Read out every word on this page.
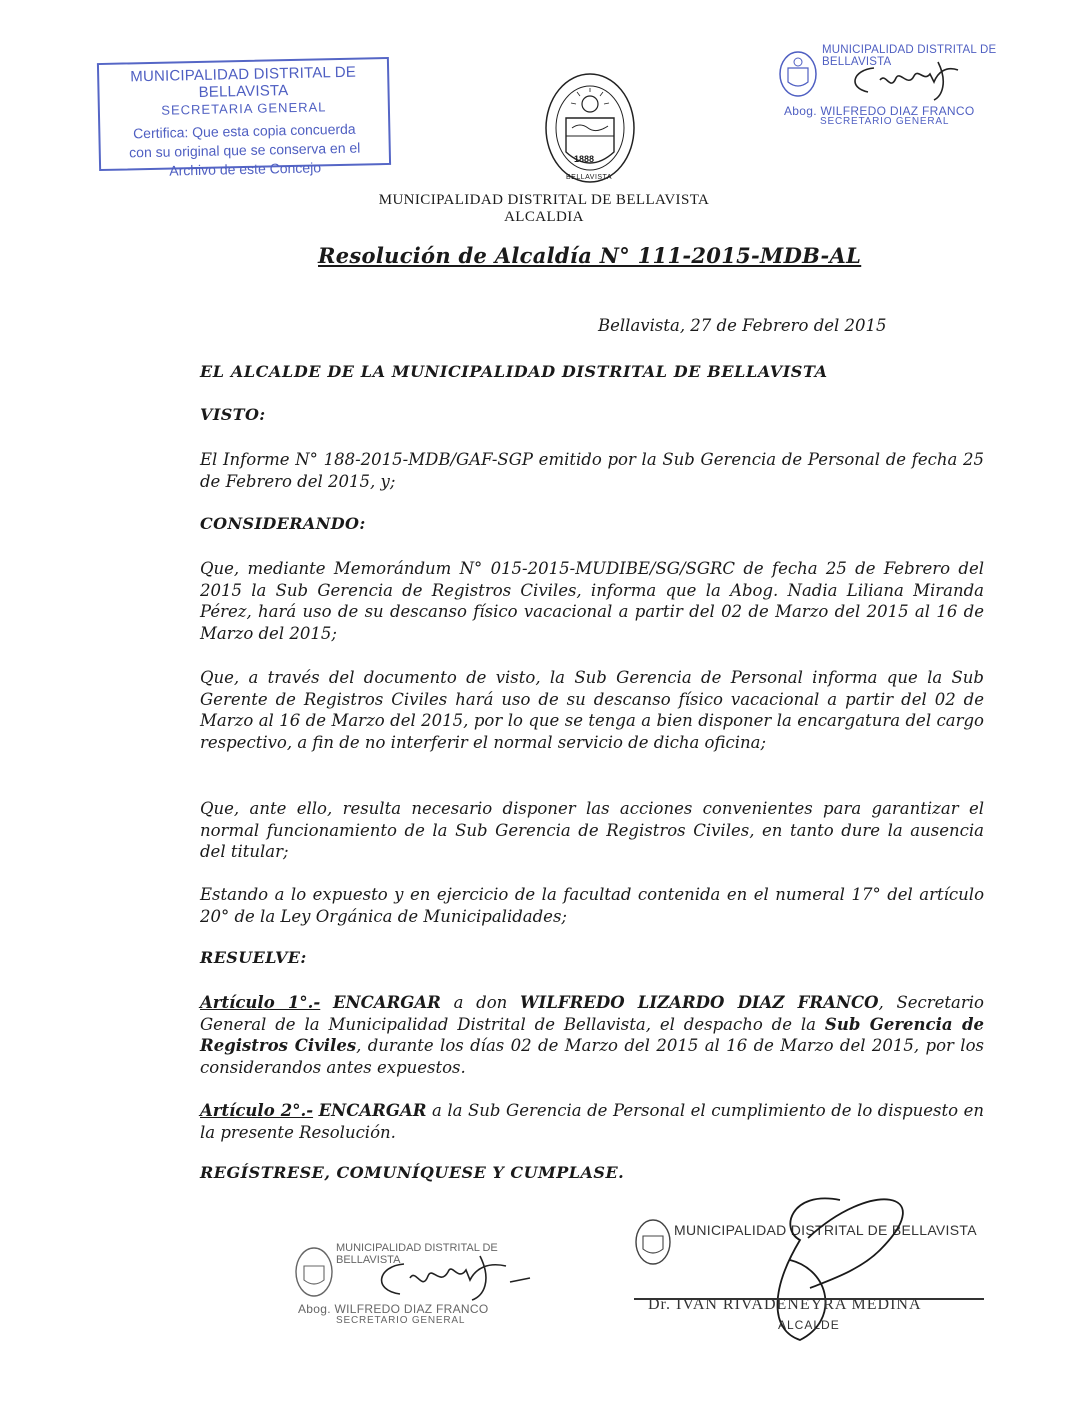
MUNICIPALIDAD DISTRITAL DE BELLAVISTA
SECRETARIA GENERAL
Certifica: Que esta copia concuerda
con su original que se conserva en el
Archivo de este Concejo
MUNICIPALIDAD DISTRITAL DE BELLAVISTA
Abog. WILFREDO DIAZ FRANCO
SECRETARIO GENERAL
1888
BELLAVISTA
MUNICIPALIDAD DISTRITAL DE BELLAVISTA
ALCALDIA
Resolución de Alcaldía N° 111-2015-MDB-AL
Bellavista, 27 de Febrero del 2015
EL ALCALDE DE LA MUNICIPALIDAD DISTRITAL DE BELLAVISTA
VISTO:
El Informe N° 188-2015-MDB/GAF-SGP emitido por la Sub Gerencia de Personal de fecha 25 de Febrero del 2015, y;
CONSIDERANDO:
Que, mediante Memorándum N° 015-2015-MUDIBE/SG/SGRC de fecha 25 de Febrero del 2015 la Sub Gerencia de Registros Civiles, informa que la Abog. Nadia Liliana Miranda Pérez, hará uso de su descanso físico vacacional a partir del 02 de Marzo del 2015 al 16 de Marzo del 2015;
Que, a través del documento de visto, la Sub Gerencia de Personal informa que la Sub Gerente de Registros Civiles hará uso de su descanso físico vacacional a partir del 02 de Marzo al 16 de Marzo del 2015, por lo que se tenga a bien disponer la encargatura del cargo respectivo, a fin de no interferir el normal servicio de dicha oficina;
Que, ante ello, resulta necesario disponer las acciones convenientes para garantizar el normal funcionamiento de la Sub Gerencia de Registros Civiles, en tanto dure la ausencia del titular;
Estando a lo expuesto y en ejercicio de la facultad contenida en el numeral 17° del artículo 20° de la Ley Orgánica de Municipalidades;
RESUELVE:
Artículo 1°.- ENCARGAR a don WILFREDO LIZARDO DIAZ FRANCO, Secretario General de la Municipalidad Distrital de Bellavista, el despacho de la Sub Gerencia de Registros Civiles, durante los días 02 de Marzo del 2015 al 16 de Marzo del 2015, por los considerandos antes expuestos.
Artículo 2°.- ENCARGAR a la Sub Gerencia de Personal el cumplimiento de lo dispuesto en la presente Resolución.
REGÍSTRESE, COMUNÍQUESE Y CUMPLASE.
MUNICIPALIDAD DISTRITAL DE BELLAVISTA
Abog. WILFREDO DIAZ FRANCO
SECRETARIO GENERAL
MUNICIPALIDAD DISTRITAL DE BELLAVISTA
Dr. IVAN RIVADENEYRA MEDINA
ALCALDE
